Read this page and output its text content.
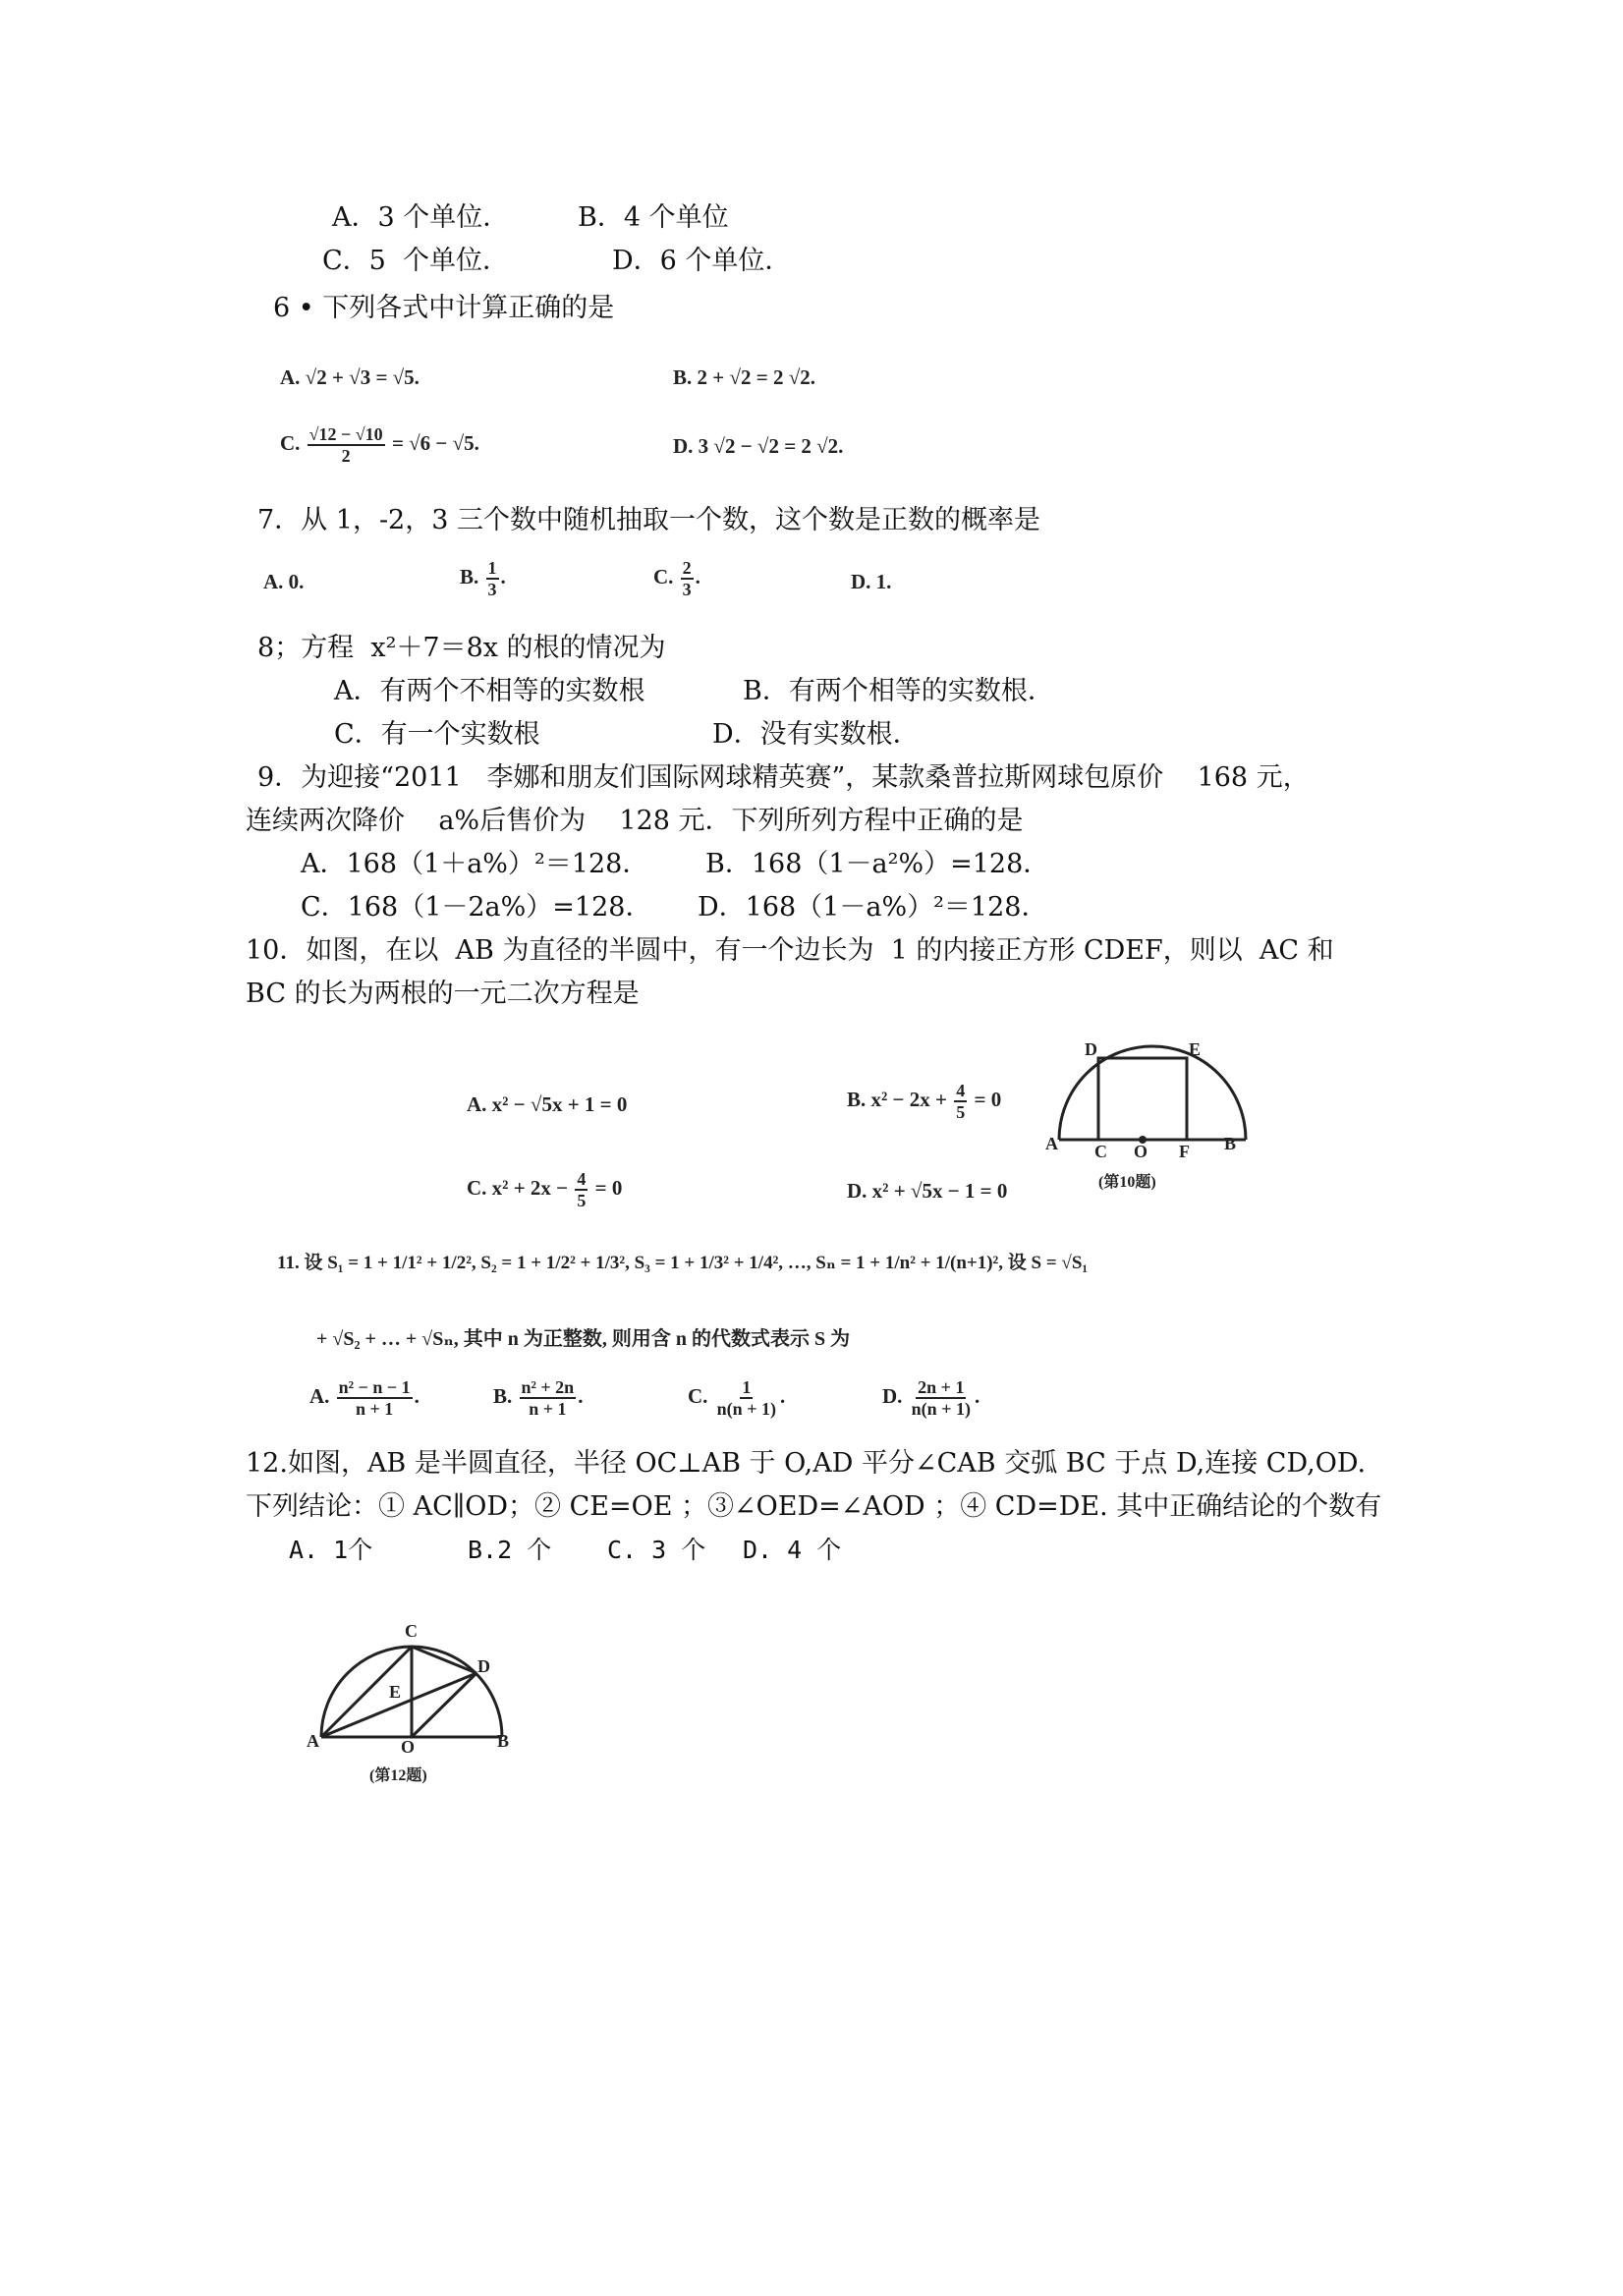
A．3 个单位．	B．4 个单位
C．5  个单位．	D．6 个单位．
6 • 下列各式中计算正确的是
A. √2 + √3 = √5.	B. 2 + √2 = 2 √2.
C. $\frac{√12 - √10}{2} = √6 - √5$.	D. 3 √2 − √2 = 2 √2.
7．从 1，-2，3 三个数中随机抽取一个数，这个数是正数的概率是
A. 0.	B. $\frac{1}{3}$ .	C. $\frac{2}{3}$ .	D. 1.
8；方程  x²＋7＝8x 的根的情况为
A．有两个不相等的实数根	B．有两个相等的实数根．
C．有一个实数根	D．没有实数根．
9．为迎接“2011   李娜和朋友们国际网球精英赛”，某款桑普拉斯网球包原价    168 元，
连续两次降价    a%后售价为    128 元．下列所列方程中正确的是
A．168（1＋a%）²＝128． B．168（1－a²%）=128．
C．168（1－2a%）=128． D．168（1－a%）²＝128．
10．如图，在以  AB 为直径的半圆中，有一个边长为  1 的内接正方形 CDEF，则以  AC 和
BC 的长为两根的一元二次方程是
A. x² − √5x + 1 = 0	B. $x^2 - 2x + \frac{4}{5} = 0$
C. $x^2 + 2x - \frac{4}{5} = 0$	D. x² + √5x − 1 = 0
D	E
A C O F B
(第10题)
11. 设 S₁ = 1 + 1/1² + 1/2², S₂ = 1 + 1/2² + 1/3², S₃ = 1 + 1/3² + 1/4², …, Sₙ = 1 + 1/n² + 1/(n+1)², 设 S = √S₁
+ √S₂ + … + √Sₙ, 其中 n 为正整数, 则用含 n 的代数式表示 S 为
A. $\frac{\text{n² − n − 1}}{n + 1}$ .	B. $\frac{\text{n² + 2n}}{n + 1}$ .	C. $\frac{1}{n(n + 1)}$ .	D. $\frac{2n + 1}{n(n + 1)}$ .
12.如图，AB 是半圆直径，半径 OC⊥AB 于 O,AD 平分∠CAB 交弧 BC 于点 D,连接 CD,OD.
下列结论：① AC∥OD；② CE=OE ；③∠OED=∠AOD ；④ CD=DE. 其中正确结论的个数有
A. 1个	B.2 个 C. 3 个 D. 4 个
C
D
E
A	O	B
(第12题)
